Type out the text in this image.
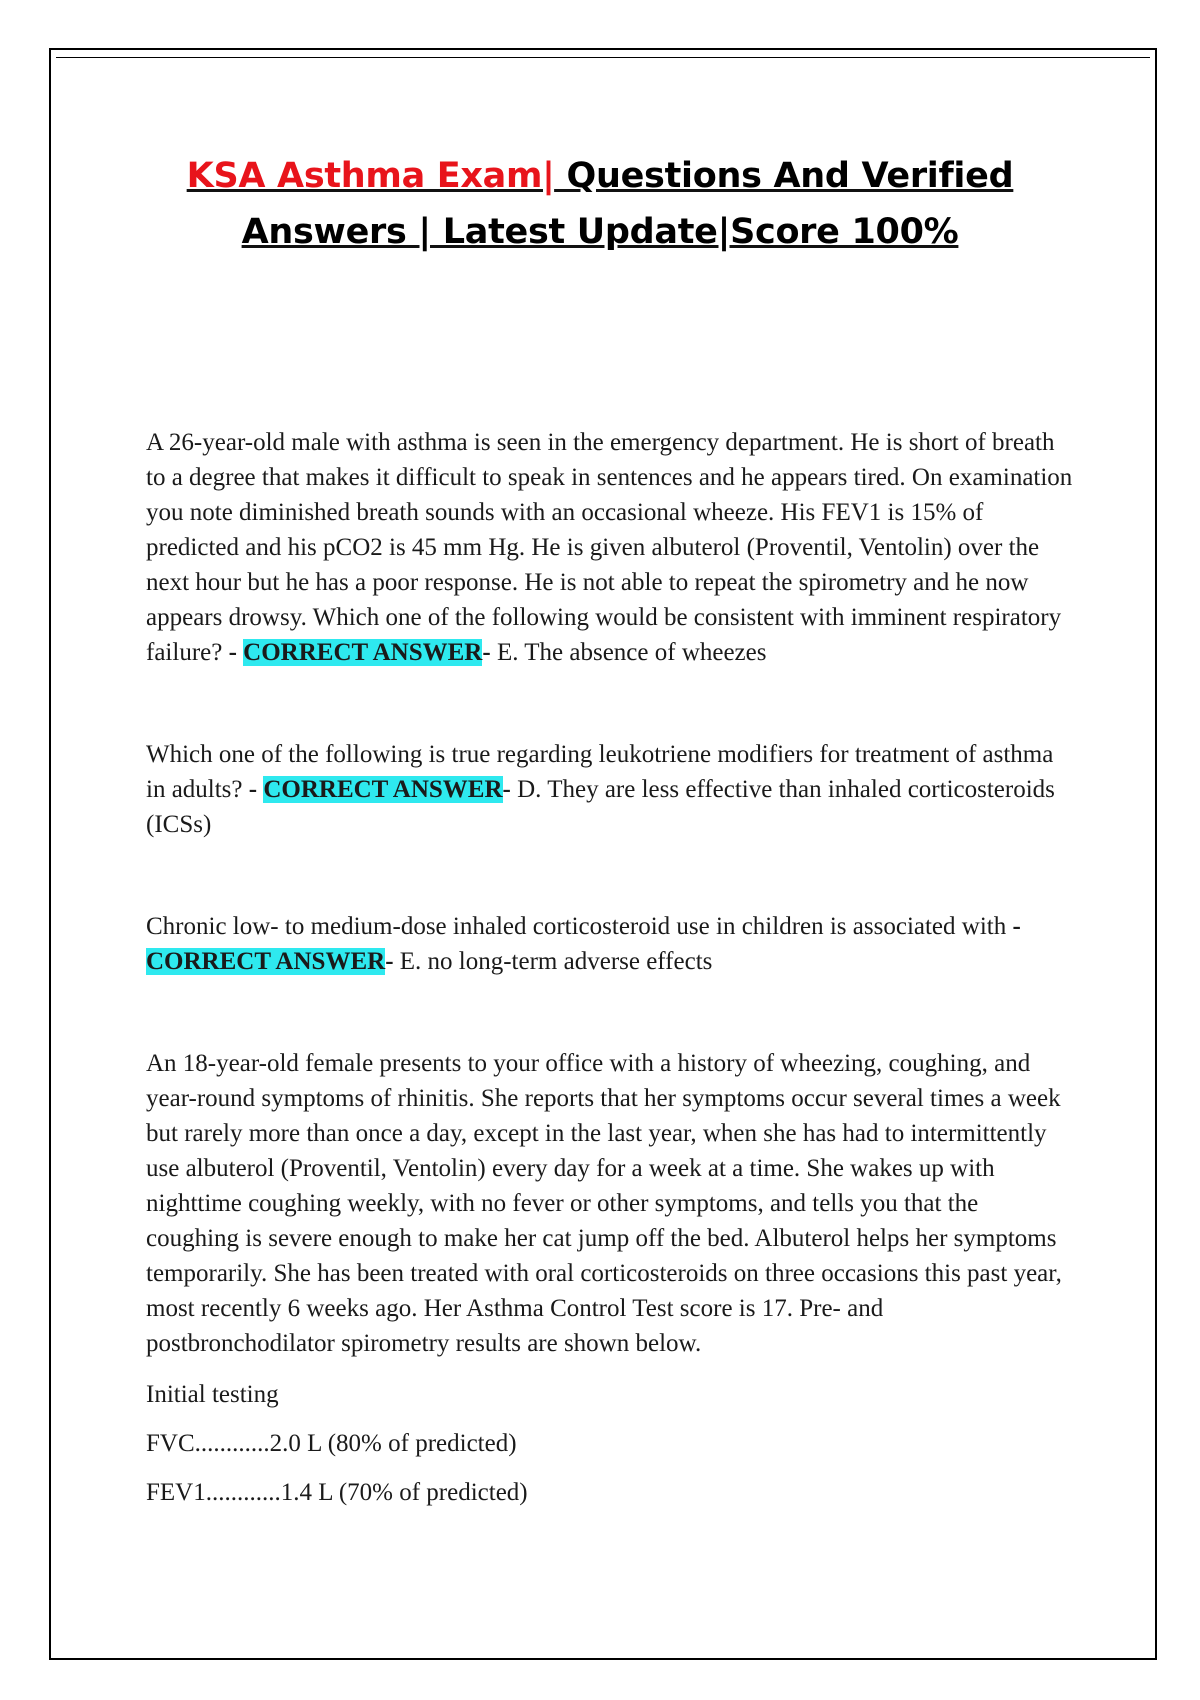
KSA Asthma Exam| Questions And Verified
Answers | Latest Update|Score 100%

A 26-year-old male with asthma is seen in the emergency department. He is short of breath to a degree that makes it difficult to speak in sentences and he appears tired. On examination you note diminished breath sounds with an occasional wheeze. His FEV1 is 15% of predicted and his pCO2 is 45 mm Hg. He is given albuterol (Proventil, Ventolin) over the next hour but he has a poor response. He is not able to repeat the spirometry and he now appears drowsy. Which one of the following would be consistent with imminent respiratory failure? - CORRECT ANSWER- E. The absence of wheezes

Which one of the following is true regarding leukotriene modifiers for treatment of asthma in adults? - CORRECT ANSWER- D. They are less effective than inhaled corticosteroids (ICSs)

Chronic low- to medium-dose inhaled corticosteroid use in children is associated with - CORRECT ANSWER- E. no long-term adverse effects

An 18-year-old female presents to your office with a history of wheezing, coughing, and year-round symptoms of rhinitis. She reports that her symptoms occur several times a week but rarely more than once a day, except in the last year, when she has had to intermittently use albuterol (Proventil, Ventolin) every day for a week at a time. She wakes up with nighttime coughing weekly, with no fever or other symptoms, and tells you that the coughing is severe enough to make her cat jump off the bed. Albuterol helps her symptoms temporarily. She has been treated with oral corticosteroids on three occasions this past year, most recently 6 weeks ago. Her Asthma Control Test score is 17. Pre- and postbronchodilator spirometry results are shown below.

Initial testing

FVC............2.0 L (80% of predicted)

FEV1............1.4 L (70% of predicted)
